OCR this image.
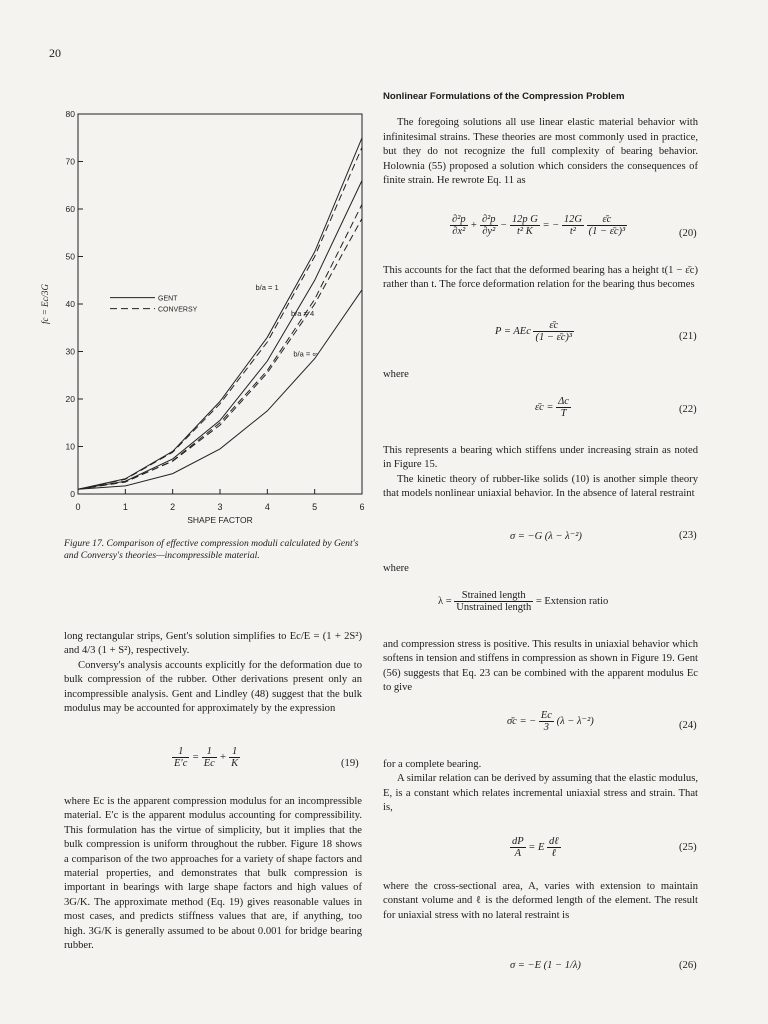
20
0	1	2	3	4	5	6
0
10
20
30
40
50
60
70
80
SHAPE FACTOR
fc = Ec/3G	GENT
CONVERSY
b/a = 1
b/a = 4
b/a = ∞
Figure 17. Comparison of effective compression moduli calculated by Gent's and Conversy's theories—incompressible material.

long rectangular strips, Gent's solution simplifies to Ec/E = (1 + 2S²) and 4/3 (1 + S²), respectively.

Conversy's analysis accounts explicitly for the deformation due to bulk compression of the rubber. Other derivations present only an incompressible analysis. Gent and Lindley (48) suggest that the bulk modulus may be accounted for approximately by the expression

$\frac{1}{E'c} = \frac{1}{Ec} + \frac{1}{K}$	(19)

where Ec is the apparent compression modulus for an incompressible material. E′c is the apparent modulus accounting for compressibility. This formulation has the virtue of simplicity, but it implies that the bulk compression is uniform throughout the rubber. Figure 18 shows a comparison of the two approaches for a variety of shape factors and material properties, and demonstrates that bulk compression is important in bearings with large shape factors and high values of 3G/K. The approximate method (Eq. 19) gives reasonable values in most cases, and predicts stiffness values that are, if anything, too high. 3G/K is generally assumed to be about 0.001 for bridge bearing rubber.

Nonlinear Formulations of the Compression Problem

The foregoing solutions all use linear elastic material behavior with infinitesimal strains. These theories are most commonly used in practice, but they do not recognize the full complexity of bearing behavior. Holownia (55) proposed a solution which considers the consequences of finite strain. He rewrote Eq. 11 as

$\frac{\text{∂²p}}{\text{∂x²}} + \frac{\text{∂²p}}{\text{∂y²}} - \frac{\text{12p G}}{\text{t² K}}$ = − $\frac{12G}{\text{t²}}$
$\frac{\varepsilon̄c}{\text{(1 − ε̄c)³}}$	(20)

This accounts for the fact that the deformed bearing has a height t(1 − ε̄c) rather than t. The force deformation relation for the bearing thus becomes

P = AEc $\frac{\varepsilon̄c}{\text{(1 − ε̄c)³}}$	(21)
where
ε̄c = $\frac{\Delta c}{T}$	(22)

This represents a bearing which stiffens under increasing strain as noted in Figure 15.

The kinetic theory of rubber-like solids (10) is another simple theory that models nonlinear uniaxial behavior. In the absence of lateral restraint

σ = −G (λ − λ⁻²)	(23)
where
$\lambda = \frac{\text{Strained length}}{\text{Unstrained length}}$ = Extension ratio

and compression stress is positive. This results in uniaxial behavior which softens in tension and stiffens in compression as shown in Figure 19. Gent (56) suggests that Eq. 23 can be combined with the apparent modulus Ec to give

σ̄c = − $\frac{Ec}{3} (\lambda - \lambda^{-2})$	(24)

for a complete bearing.

A similar relation can be derived by assuming that the elastic modulus, E, is a constant which relates incremental uniaxial stress and strain. That is,

$\frac{dP}{A} = E \frac{\text{dℓ}}{\text{ℓ}}$	(25)

where the cross-sectional area, A, varies with extension to maintain constant volume and ℓ is the deformed length of the element. The result for uniaxial stress with no lateral restraint is

σ = −E (1 − 1/λ)	(26)
